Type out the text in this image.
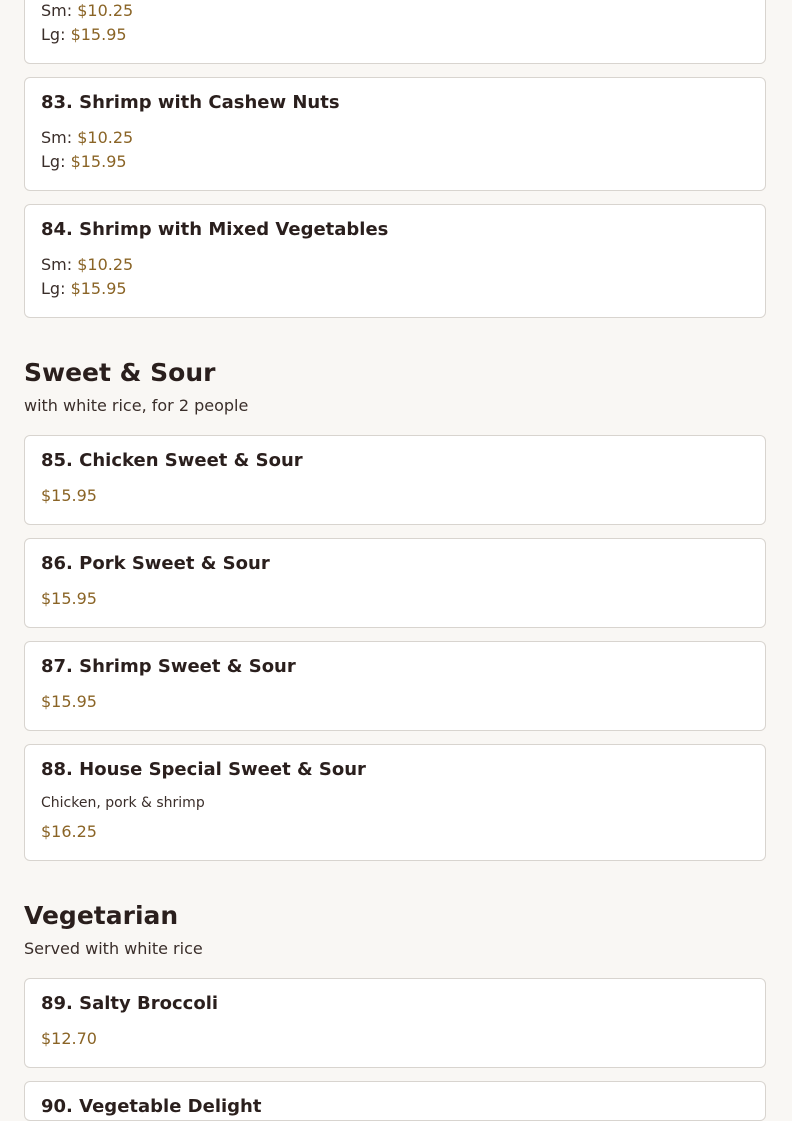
Sm: $10.25
Lg: $15.95
83. Shrimp with Cashew Nuts
Sm: $10.25
Lg: $15.95
84. Shrimp with Mixed Vegetables
Sm: $10.25
Lg: $15.95
Sweet & Sour
with white rice, for 2 people
85. Chicken Sweet & Sour
$15.95
86. Pork Sweet & Sour
$15.95
87. Shrimp Sweet & Sour
$15.95
88. House Special Sweet & Sour
Chicken, pork & shrimp
$16.25
Vegetarian
Served with white rice
89. Salty Broccoli
$12.70
90. Vegetable Delight
